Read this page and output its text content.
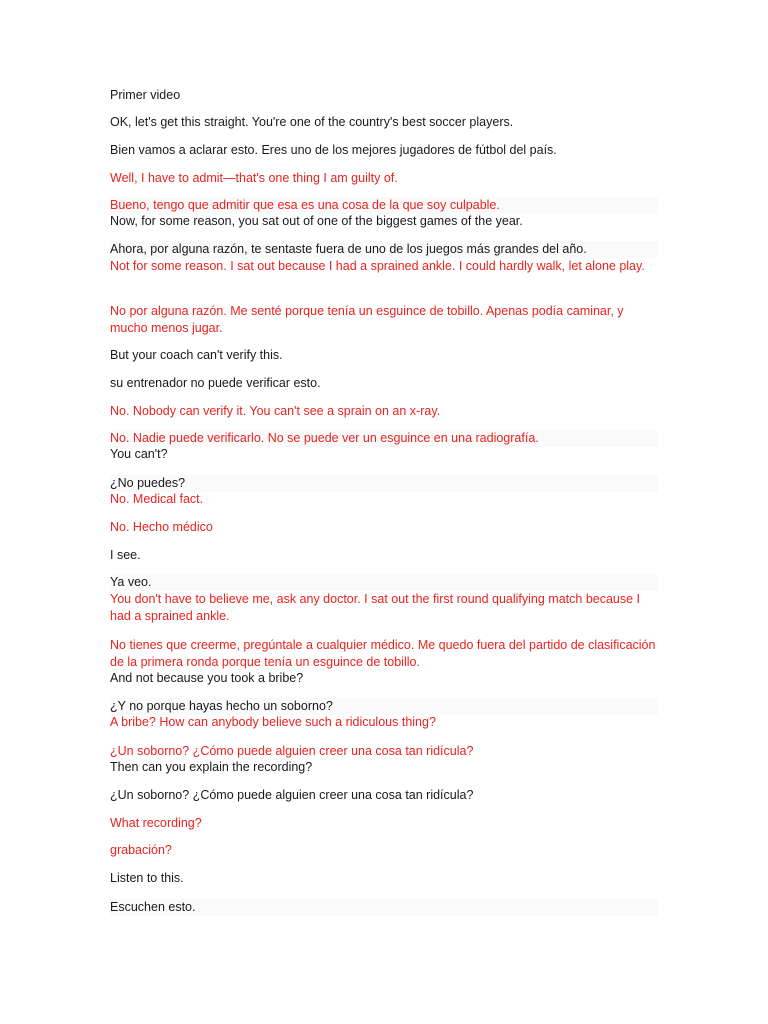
Primer video
OK, let's get this straight. You're one of the country's best soccer players.
Bien vamos a aclarar esto. Eres uno de los mejores jugadores de fútbol del país.
Well, I have to admit—that's one thing I am guilty of.
Bueno, tengo que admitir que esa es una cosa de la que soy culpable.
Now, for some reason, you sat out of one of the biggest games of the year.
Ahora, por alguna razón, te sentaste fuera de uno de los juegos más grandes del año.
Not for some reason. I sat out because I had a sprained ankle. I could hardly walk, let alone play.
No por alguna razón. Me senté porque tenía un esguince de tobillo. Apenas podía caminar, y mucho menos jugar.
But your coach can't verify this.
su entrenador no puede verificar esto.
No. Nobody can verify it. You can't see a sprain on an x-ray.
No. Nadie puede verificarlo. No se puede ver un esguince en una radiografía.
You can't?
¿No puedes?
No. Medical fact.
No. Hecho médico
I see.
Ya veo.
You don't have to believe me, ask any doctor. I sat out the first round qualifying match because I had a sprained ankle.
No tienes que creerme, pregúntale a cualquier médico. Me quedo fuera del partido de clasificación de la primera ronda porque tenía un esguince de tobillo.
And not because you took a bribe?
¿Y no porque hayas hecho un soborno?
A bribe? How can anybody believe such a ridiculous thing?
¿Un soborno? ¿Cómo puede alguien creer una cosa tan ridícula?
Then can you explain the recording?
¿Un soborno? ¿Cómo puede alguien creer una cosa tan ridícula?
What recording?
grabación?
Listen to this.
Escuchen esto.
